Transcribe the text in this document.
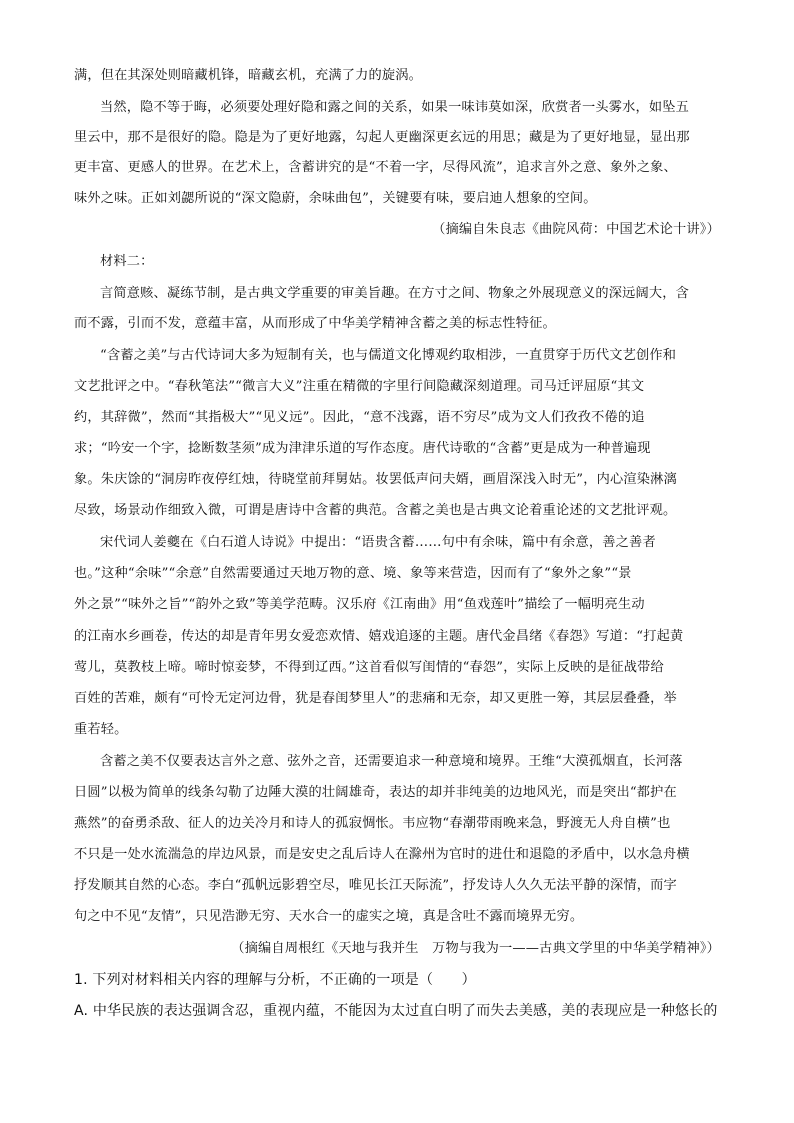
满，但在其深处则暗藏机锋，暗藏玄机，充满了力的旋涡。
当然，隐不等于晦，必须要处理好隐和露之间的关系，如果一味讳莫如深，欣赏者一头雾水，如坠五
里云中，那不是很好的隐。隐是为了更好地露，勾起人更幽深更玄远的用思；藏是为了更好地显，显出那
更丰富、更感人的世界。在艺术上，含蓄讲究的是“不着一字，尽得风流”，追求言外之意、象外之象、
味外之味。正如刘勰所说的“深文隐蔚，余味曲包”，关键要有味，要启迪人想象的空间。
（摘编自朱良志《曲院风荷：中国艺术论十讲》）
材料二：
言简意赅、凝练节制，是古典文学重要的审美旨趣。在方寸之间、物象之外展现意义的深远阔大，含
而不露，引而不发，意蕴丰富，从而形成了中华美学精神含蓄之美的标志性特征。
“含蓄之美”与古代诗词大多为短制有关，也与儒道文化博观约取相涉，一直贯穿于历代文艺创作和
文艺批评之中。“春秋笔法”“微言大义”注重在精微的字里行间隐藏深刻道理。司马迁评屈原“其文
约，其辞微”，然而“其指极大”“见义远”。因此，“意不浅露，语不穷尽”成为文人们孜孜不倦的追
求；“吟安一个字，捻断数茎须”成为津津乐道的写作态度。唐代诗歌的“含蓄”更是成为一种普遍现
象。朱庆馀的“洞房昨夜停红烛，待晓堂前拜舅姑。妆罢低声问夫婿，画眉深浅入时无”，内心渲染淋漓
尽致，场景动作细致入微，可谓是唐诗中含蓄的典范。含蓄之美也是古典文论着重论述的文艺批评观。
宋代词人姜夔在《白石道人诗说》中提出：“语贵含蓄……句中有余味，篇中有余意，善之善者
也。”这种“余味”“余意”自然需要通过天地万物的意、境、象等来营造，因而有了“象外之象”“景
外之景”“味外之旨”“韵外之致”等美学范畴。汉乐府《江南曲》用“鱼戏莲叶”描绘了一幅明亮生动
的江南水乡画卷，传达的却是青年男女爱恋欢情、嬉戏追逐的主题。唐代金昌绪《春怨》写道：“打起黄
莺儿，莫教枝上啼。啼时惊妾梦，不得到辽西。”这首看似写闺情的“春怨”，实际上反映的是征战带给
百姓的苦难，颇有“可怜无定河边骨，犹是春闺梦里人”的悲痛和无奈，却又更胜一筹，其层层叠叠，举
重若轻。
含蓄之美不仅要表达言外之意、弦外之音，还需要追求一种意境和境界。王维“大漠孤烟直，长河落
日圆”以极为简单的线条勾勒了边陲大漠的壮阔雄奇，表达的却并非纯美的边地风光，而是突出“都护在
燕然”的奋勇杀敌、征人的边关冷月和诗人的孤寂惆怅。韦应物“春潮带雨晚来急，野渡无人舟自横”也
不只是一处水流湍急的岸边风景，而是安史之乱后诗人在滁州为官时的进仕和退隐的矛盾中，以水急舟横
抒发顺其自然的心态。李白“孤帆远影碧空尽，唯见长江天际流”，抒发诗人久久无法平静的深情，而字
句之中不见“友情”，只见浩渺无穷、天水合一的虚实之境，真是含吐不露而境界无穷。
（摘编自周根红《天地与我并生　万物与我为一——古典文学里的中华美学精神》）
1. 下列对材料相关内容的理解与分析，不正确的一项是（　　）
A. 中华民族的表达强调含忍，重视内蕴，不能因为太过直白明了而失去美感，美的表现应是一种悠长的
